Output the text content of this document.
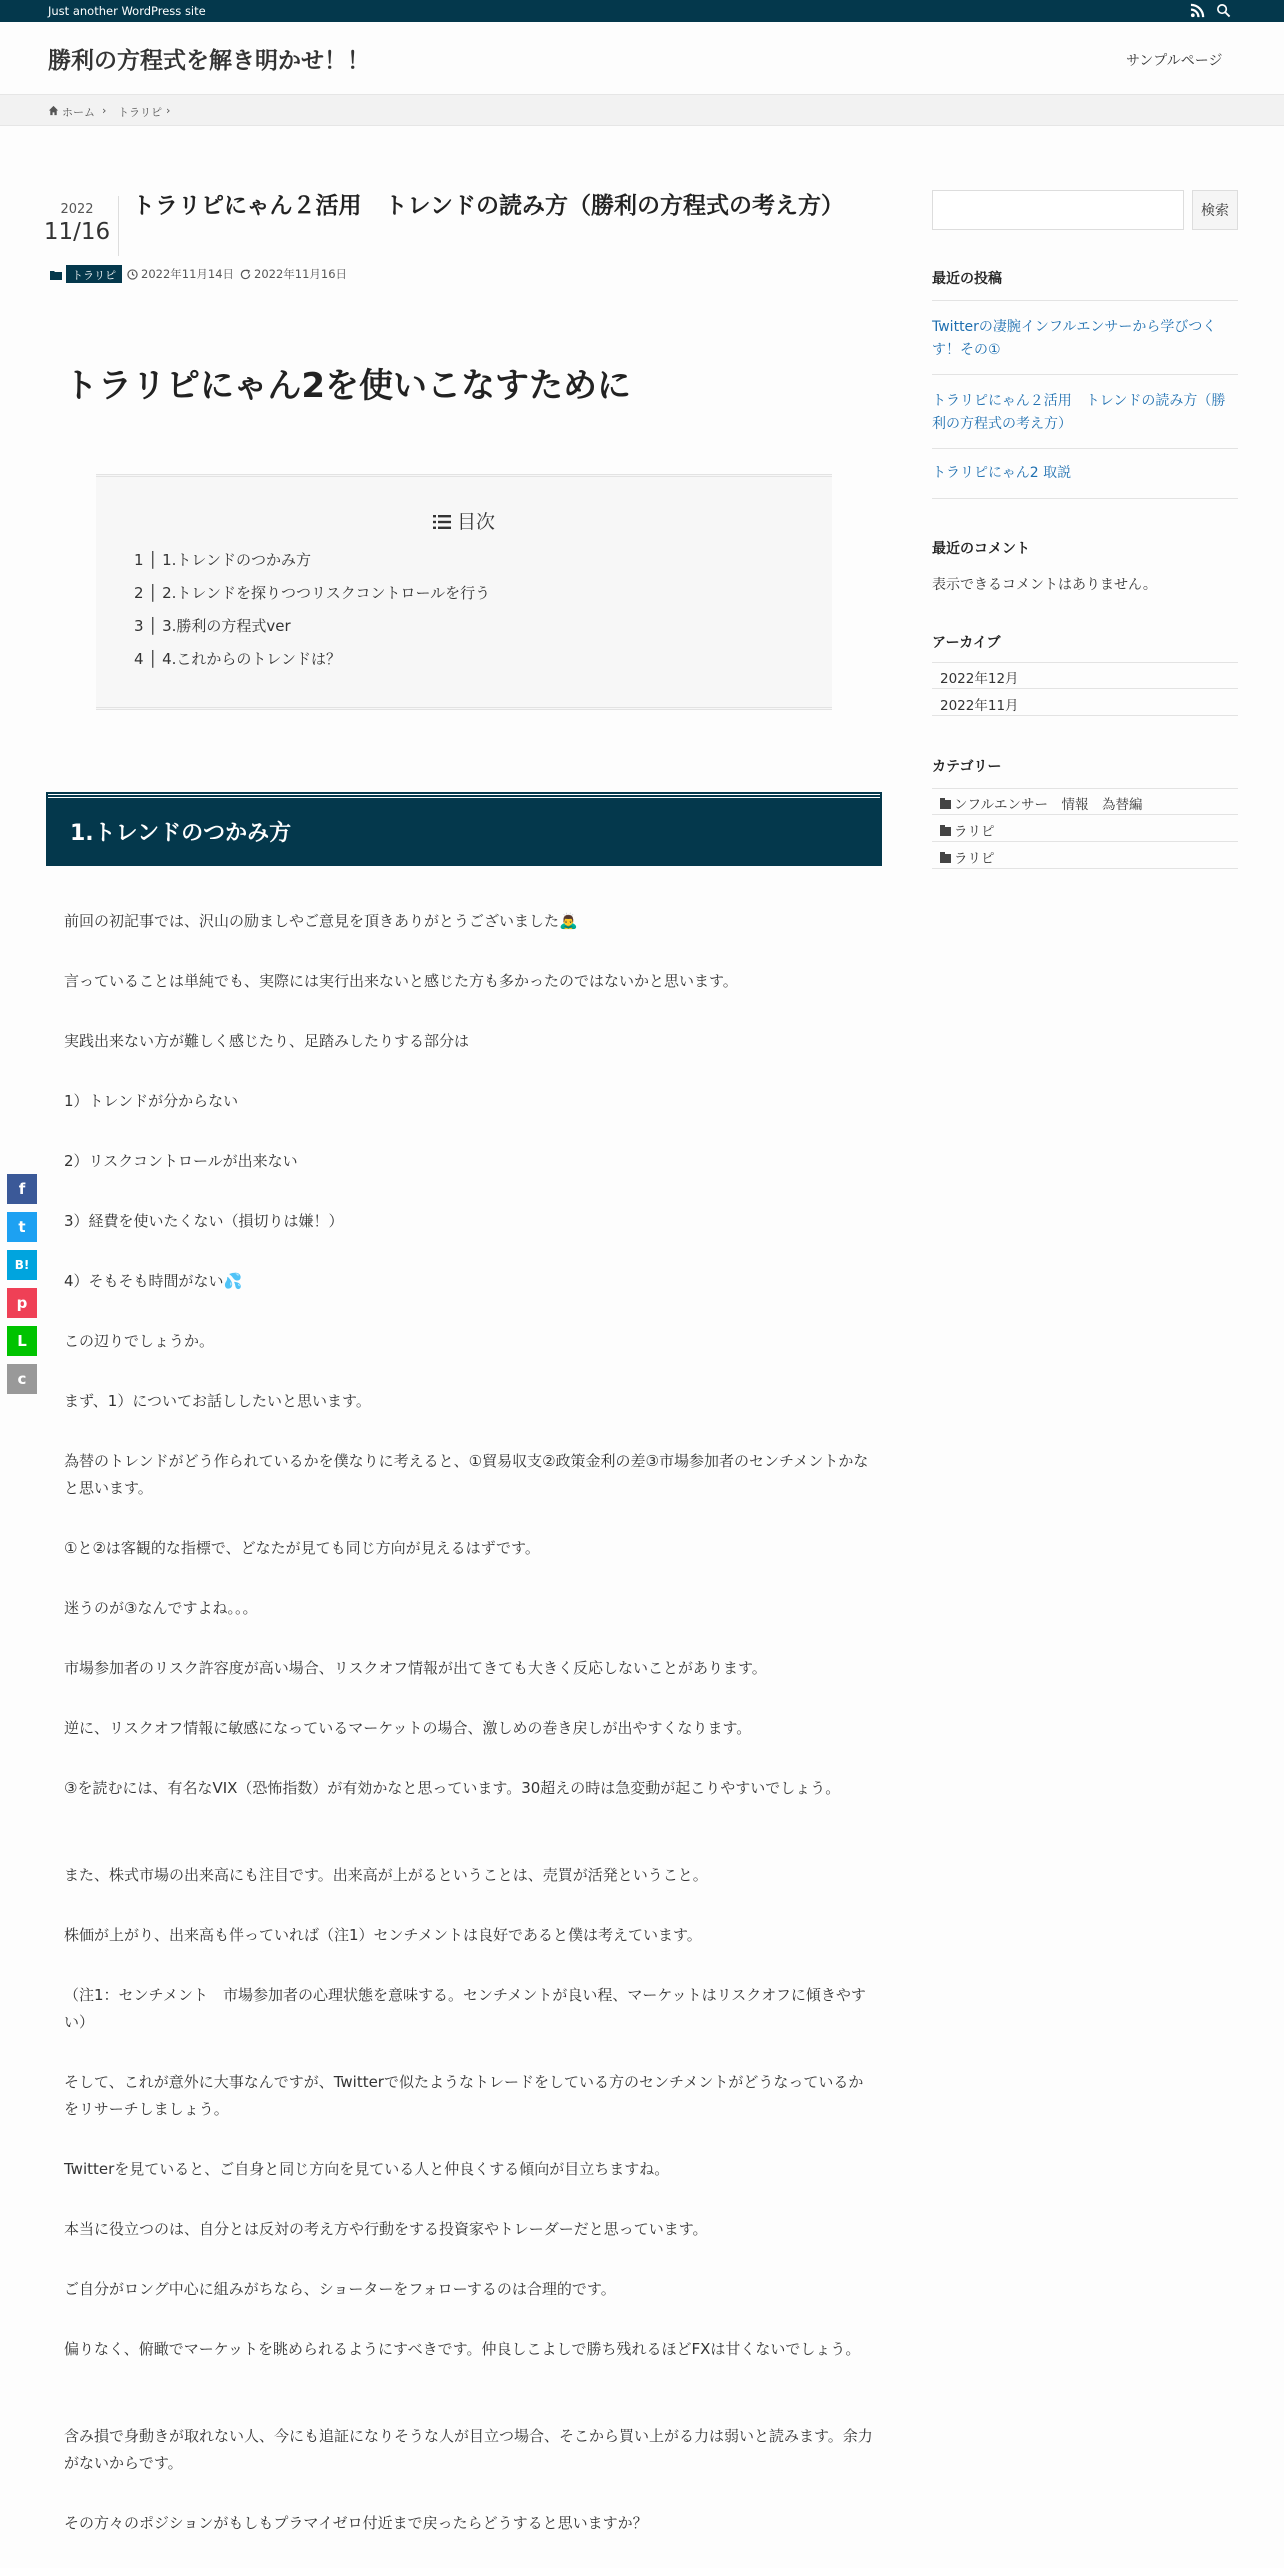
Just another WordPress site
勝利の方程式を解き明かせ！！	サンプルページ
ホーム › トラリピ ›
2022
11/16
トラリピにゃん２活用　トレンドの読み方（勝利の方程式の考え方）
トラリピ	2022年11月14日 2022年11月16日
トラリピにゃん2を使いこなすために
目次
1 │ 1.トレンドのつかみ方
2 │ 2.トレンドを探りつつリスクコントロールを行う
3 │ 3.勝利の方程式ver
4 │ 4.これからのトレンドは？
1.トレンドのつかみ方

前回の初記事では、沢山の励ましやご意見を頂きありがとうございました🙇‍♂

言っていることは単純でも、実際には実行出来ないと感じた方も多かったのではないかと思います。

実践出来ない方が難しく感じたり、足踏みしたりする部分は

1）トレンドが分からない

2）リスクコントロールが出来ない

3）経費を使いたくない（損切りは嫌！）

4）そもそも時間がない💦

この辺りでしょうか。

まず、1）についてお話ししたいと思います。

為替のトレンドがどう作られているかを僕なりに考えると、①貿易収支②政策金利の差③市場参加者のセンチメントかなと思います。

①と②は客観的な指標で、どなたが見ても同じ方向が見えるはずです。

迷うのが③なんですよね。。。

市場参加者のリスク許容度が高い場合、リスクオフ情報が出てきても大きく反応しないことがあります。

逆に、リスクオフ情報に敏感になっているマーケットの場合、激しめの巻き戻しが出やすくなります。

③を読むには、有名なVIX（恐怖指数）が有効かなと思っています。30超えの時は急変動が起こりやすいでしょう。

また、株式市場の出来高にも注目です。出来高が上がるということは、売買が活発ということ。

株価が上がり、出来高も伴っていれば（注1）センチメントは良好であると僕は考えています。

（注1：センチメント　市場参加者の心理状態を意味する。センチメントが良い程、マーケットはリスクオフに傾きやすい）

そして、これが意外に大事なんですが、Twitterで似たようなトレードをしている方のセンチメントがどうなっているかをリサーチしましょう。

Twitterを見ていると、ご自身と同じ方向を見ている人と仲良くする傾向が目立ちますね。

本当に役立つのは、自分とは反対の考え方や行動をする投資家やトレーダーだと思っています。

ご自分がロング中心に組みがちなら、ショーターをフォローするのは合理的です。

偏りなく、俯瞰でマーケットを眺められるようにすべきです。仲良しこよしで勝ち残れるほどFXは甘くないでしょう。

含み損で身動きが取れない人、今にも追証になりそうな人が目立つ場合、そこから買い上がる力は弱いと読みます。余力がないからです。

その方々のポジションがもしもプラマイゼロ付近まで戻ったらどうすると思いますか？

f
t
B!
p
L
c
検索
最近の投稿
Twitterの凄腕インフルエンサーから学びつくす！その①
トラリピにゃん２活用　トレンドの読み方（勝利の方程式の考え方）
トラリピにゃん2 取説
最近のコメント
表示できるコメントはありません。
アーカイブ
2022年12月
2022年11月
カテゴリー
ンフルエンサー　情報　為替編
ラリピ
ラリピ
